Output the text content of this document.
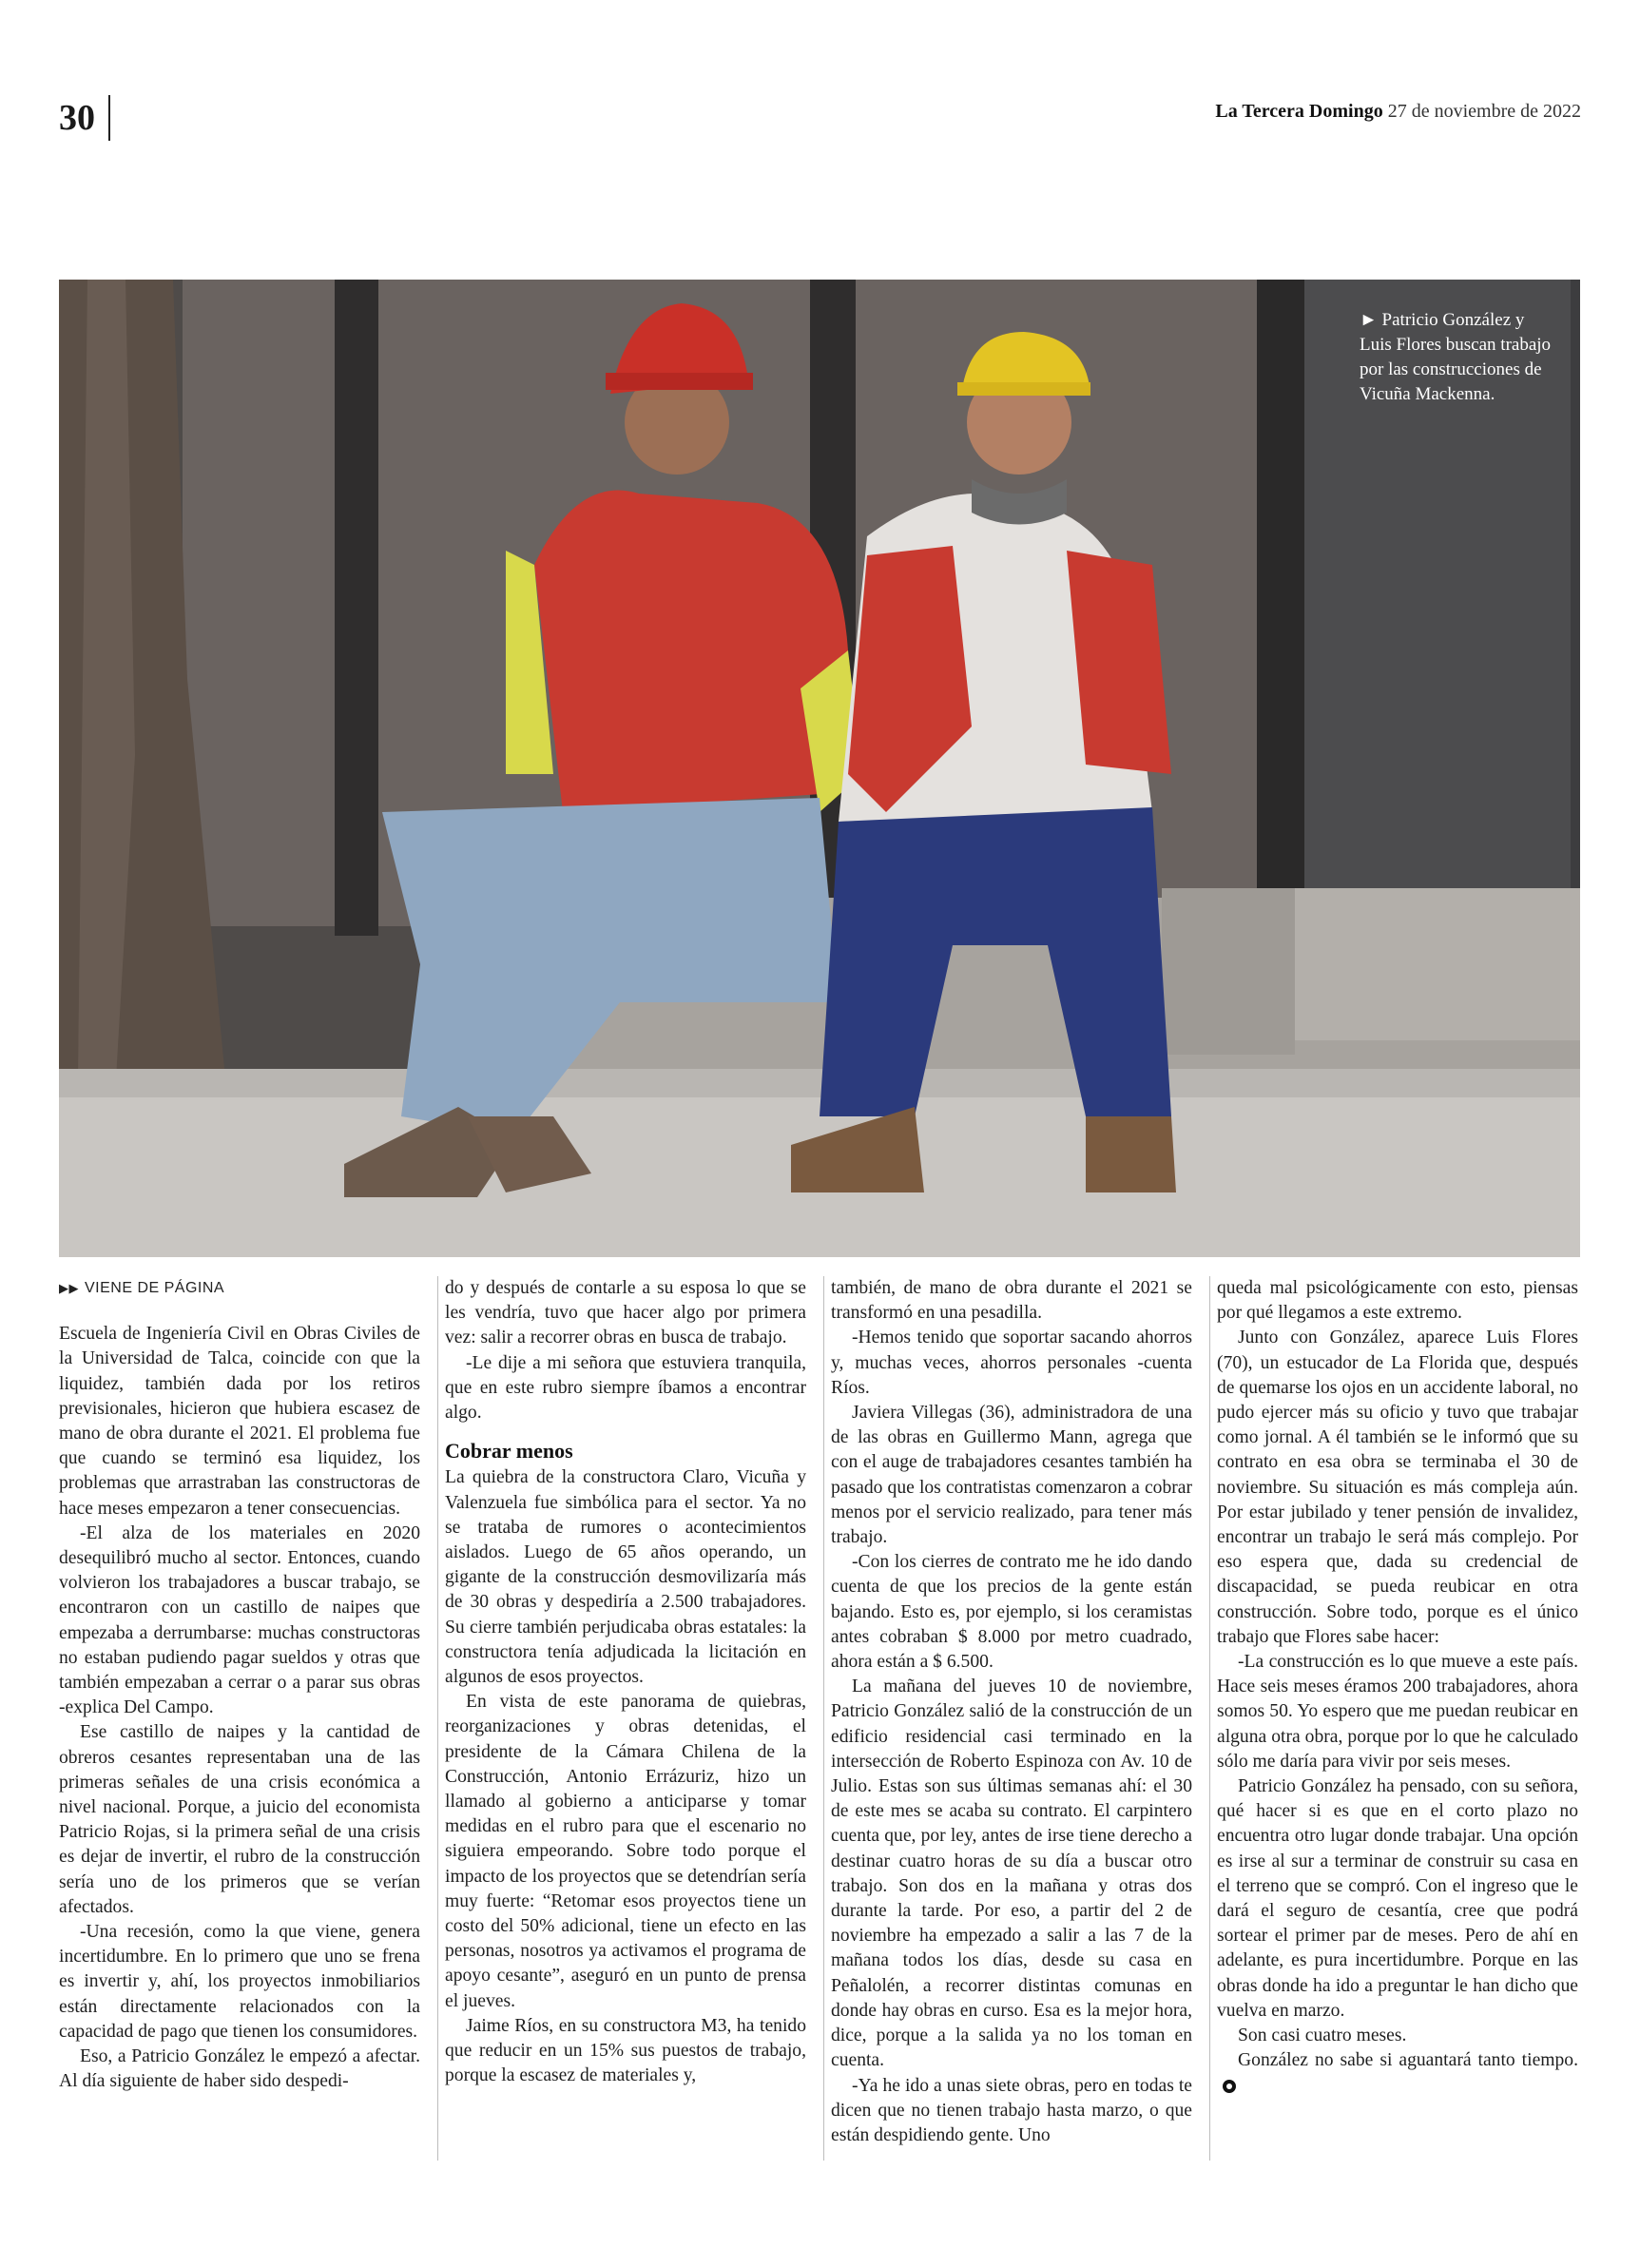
30	La Tercera Domingo 27 de noviembre de 2022
► Patricio González y Luis Flores buscan trabajo por las construcciones de Vicuña Mackenna.
▶▶ VIENE DE PÁGINA

Escuela de Ingeniería Civil en Obras Civiles de la Universidad de Talca, coincide con que la liquidez, también dada por los retiros previsionales, hicieron que hubiera escasez de mano de obra durante el 2021. El problema fue que cuando se terminó esa liquidez, los problemas que arrastraban las constructoras de hace meses empezaron a tener consecuencias.

-El alza de los materiales en 2020 desequilibró mucho al sector. Entonces, cuando volvieron los trabajadores a buscar trabajo, se encontraron con un castillo de naipes que empezaba a derrumbarse: muchas constructoras no estaban pudiendo pagar sueldos y otras que también empezaban a cerrar o a parar sus obras -explica Del Campo.

Ese castillo de naipes y la cantidad de obreros cesantes representaban una de las primeras señales de una crisis económica a nivel nacional. Porque, a juicio del economista Patricio Rojas, si la primera señal de una crisis es dejar de invertir, el rubro de la construcción sería uno de los primeros que se verían afectados.

-Una recesión, como la que viene, genera incertidumbre. En lo primero que uno se frena es invertir y, ahí, los proyectos inmobiliarios están directamente relacionados con la capacidad de pago que tienen los consumidores.

Eso, a Patricio González le empezó a afectar. Al día siguiente de haber sido despedi-

do y después de contarle a su esposa lo que se les vendría, tuvo que hacer algo por primera vez: salir a recorrer obras en busca de trabajo.

-Le dije a mi señora que estuviera tranquila, que en este rubro siempre íbamos a encontrar algo.

Cobrar menos

La quiebra de la constructora Claro, Vicuña y Valenzuela fue simbólica para el sector. Ya no se trataba de rumores o acontecimientos aislados. Luego de 65 años operando, un gigante de la construcción desmovilizaría más de 30 obras y despediría a 2.500 trabajadores. Su cierre también perjudicaba obras estatales: la constructora tenía adjudicada la licitación en algunos de esos proyectos.

En vista de este panorama de quiebras, reorganizaciones y obras detenidas, el presidente de la Cámara Chilena de la Construcción, Antonio Errázuriz, hizo un llamado al gobierno a anticiparse y tomar medidas en el rubro para que el escenario no siguiera empeorando. Sobre todo porque el impacto de los proyectos que se detendrían sería muy fuerte: “Retomar esos proyectos tiene un costo del 50% adicional, tiene un efecto en las personas, nosotros ya activamos el programa de apoyo cesante”, aseguró en un punto de prensa el jueves.

Jaime Ríos, en su constructora M3, ha tenido que reducir en un 15% sus puestos de trabajo, porque la escasez de materiales y,

también, de mano de obra durante el 2021 se transformó en una pesadilla.

-Hemos tenido que soportar sacando ahorros y, muchas veces, ahorros personales -cuenta Ríos.

Javiera Villegas (36), administradora de una de las obras en Guillermo Mann, agrega que con el auge de trabajadores cesantes también ha pasado que los contratistas comenzaron a cobrar menos por el servicio realizado, para tener más trabajo.

-Con los cierres de contrato me he ido dando cuenta de que los precios de la gente están bajando. Esto es, por ejemplo, si los ceramistas antes cobraban $ 8.000 por metro cuadrado, ahora están a $ 6.500.

La mañana del jueves 10 de noviembre, Patricio González salió de la construcción de un edificio residencial casi terminado en la intersección de Roberto Espinoza con Av. 10 de Julio. Estas son sus últimas semanas ahí: el 30 de este mes se acaba su contrato. El carpintero cuenta que, por ley, antes de irse tiene derecho a destinar cuatro horas de su día a buscar otro trabajo. Son dos en la mañana y otras dos durante la tarde. Por eso, a partir del 2 de noviembre ha empezado a salir a las 7 de la mañana todos los días, desde su casa en Peñalolén, a recorrer distintas comunas en donde hay obras en curso. Esa es la mejor hora, dice, porque a la salida ya no los toman en cuenta.

-Ya he ido a unas siete obras, pero en todas te dicen que no tienen trabajo hasta marzo, o que están despidiendo gente. Uno

queda mal psicológicamente con esto, piensas por qué llegamos a este extremo.

Junto con González, aparece Luis Flores (70), un estucador de La Florida que, después de quemarse los ojos en un accidente laboral, no pudo ejercer más su oficio y tuvo que trabajar como jornal. A él también se le informó que su contrato en esa obra se terminaba el 30 de noviembre. Su situación es más compleja aún. Por estar jubilado y tener pensión de invalidez, encontrar un trabajo le será más complejo. Por eso espera que, dada su credencial de discapacidad, se pueda reubicar en otra construcción. Sobre todo, porque es el único trabajo que Flores sabe hacer:

-La construcción es lo que mueve a este país. Hace seis meses éramos 200 trabajadores, ahora somos 50. Yo espero que me puedan reubicar en alguna otra obra, porque por lo que he calculado sólo me daría para vivir por seis meses.

Patricio González ha pensado, con su señora, qué hacer si es que en el corto plazo no encuentra otro lugar donde trabajar. Una opción es irse al sur a terminar de construir su casa en el terreno que se compró. Con el ingreso que le dará el seguro de cesantía, cree que podrá sortear el primer par de meses. Pero de ahí en adelante, es pura incertidumbre. Porque en las obras donde ha ido a preguntar le han dicho que vuelva en marzo.

Son casi cuatro meses.

González no sabe si aguantará tanto tiempo.
